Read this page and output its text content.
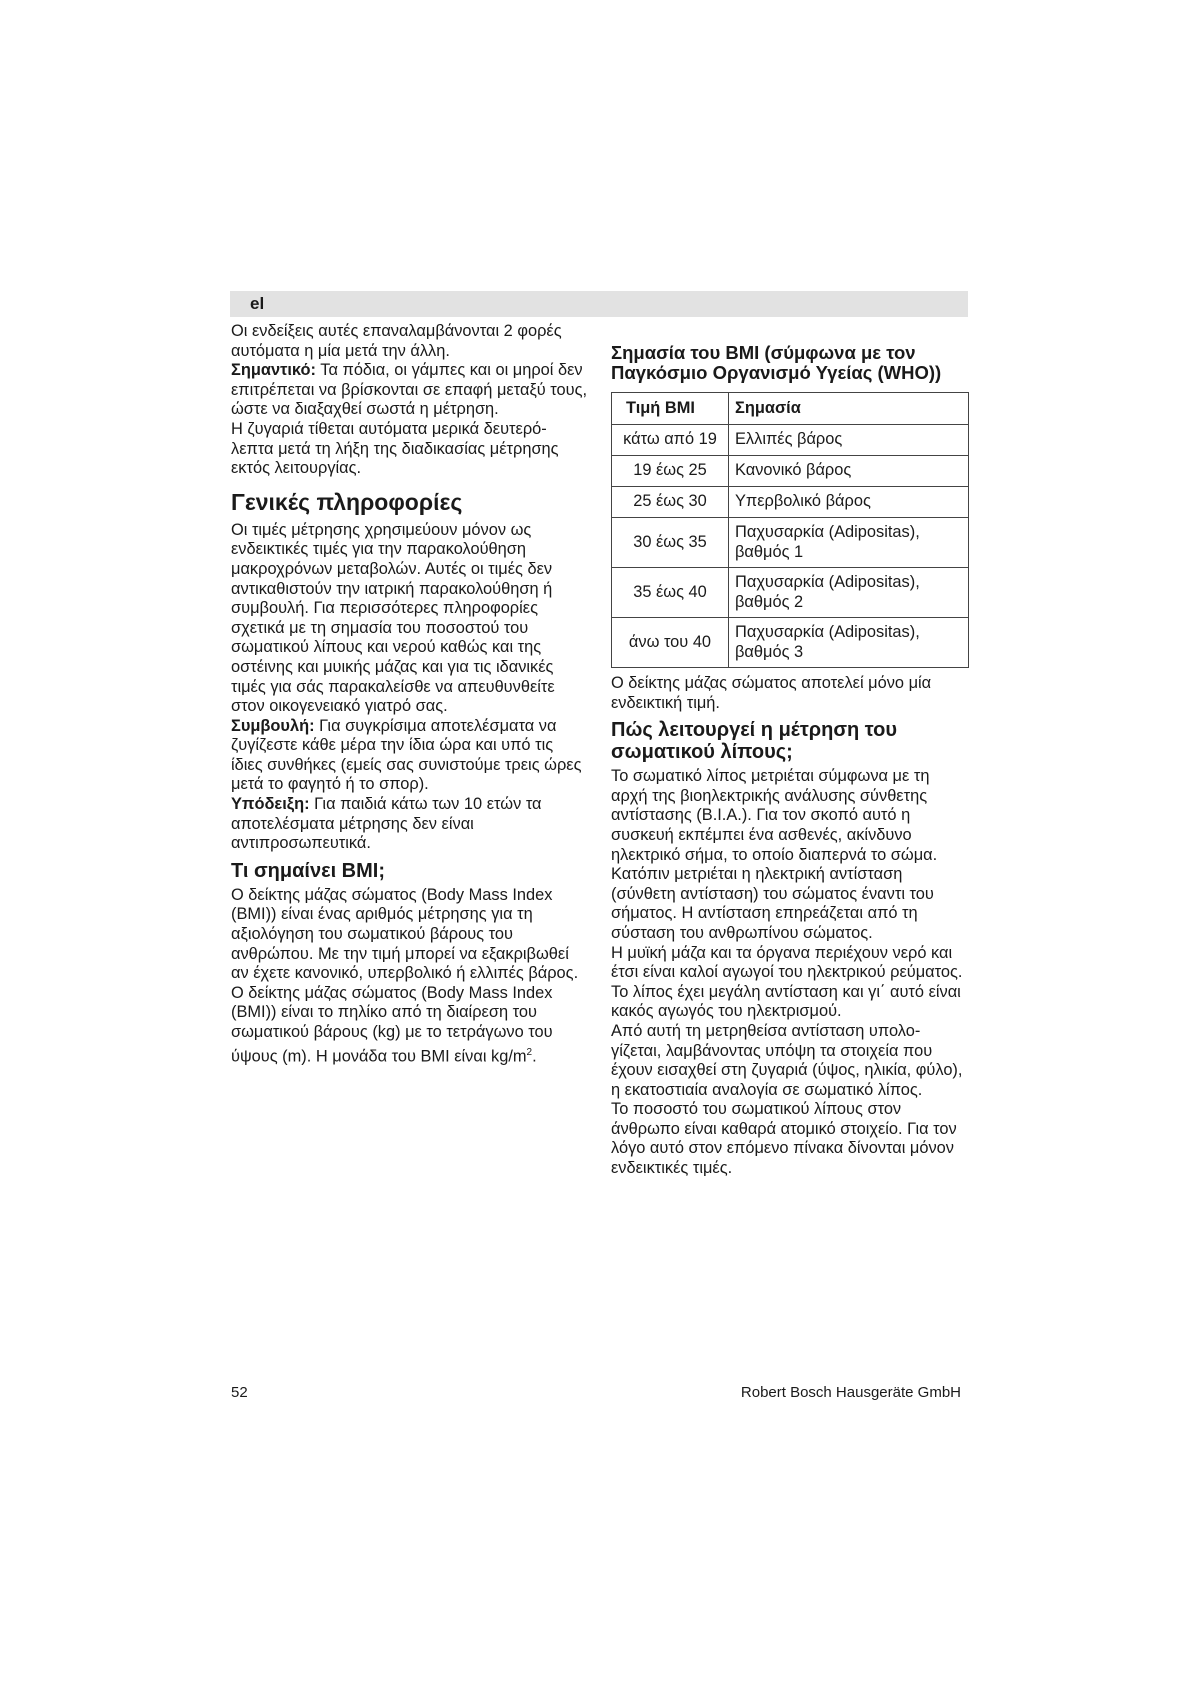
el

Οι ενδείξεις αυτές επαναλαμβάνονται 2 φορές αυτόματα η μία μετά την άλλη.

Σημαντικό: Τα πόδια, οι γάμπες και οι μηροί δεν επιτρέπεται να βρίσκονται σε επαφή μεταξύ τους, ώστε να διαξαχθεί σωστά η μέτρηση.

Η ζυγαριά τίθεται αυτόματα μερικά δευτερό-λεπτα μετά τη λήξη της διαδικασίας μέτρησης εκτός λειτουργίας.

Γενικές πληροφορίες

Οι τιμές μέτρησης χρησιμεύουν μόνον ως ενδεικτικές τιμές για την παρακολούθηση μακροχρόνων μεταβολών. Αυτές οι τιμές δεν αντικαθιστούν την ιατρική παρακολούθηση ή συμβουλή. Για περισσότερες πληροφορίες σχετικά με τη σημασία του ποσοστού του σωματικού λίπους και νερού καθώς και της οστέινης και μυικής μάζας και για τις ιδανικές τιμές για σάς παρακαλείσθε να απευθυνθείτε στον οικογενειακό γιατρό σας.

Συμβουλή: Για συγκρίσιμα αποτελέσματα να ζυγίζεστε κάθε μέρα την ίδια ώρα και υπό τις ίδιες συνθήκες (εμείς σας συνιστούμε τρεις ώρες μετά το φαγητό ή το σπορ).

Υπόδειξη: Για παιδιά κάτω των 10 ετών τα αποτελέσματα μέτρησης δεν είναι αντιπροσωπευτικά.

Τι σημαίνει BMI;

Ο δείκτης μάζας σώματος (Body Mass Index (BMI)) είναι ένας αριθμός μέτρησης για τη αξιολόγηση του σωματικού βάρους του ανθρώπου. Με την τιμή μπορεί να εξακριβωθεί αν έχετε κανονικό, υπερβολικό ή ελλιπές βάρος.

Ο δείκτης μάζας σώματος (Body Mass Index (BMI)) είναι το πηλίκο από τη διαίρεση του σωματικού βάρους (kg) με το τετράγωνο του ύψους (m). Η μονάδα του BMI είναι $kg/m^2$.

Σημασία του BMI (σύμφωνα με τον Παγκόσμιο Οργανισμό Υγείας (WHO))
Τιμή BMI	Σημασία
κάτω από 19	Ελλιπές βάρος
19 έως 25	Κανονικό βάρος
25 έως 30	Υπερβολικό βάρος
30 έως 35	Παχυσαρκία (Adipositas), βαθμός 1
35 έως 40	Παχυσαρκία (Adipositas), βαθμός 2
άνω του 40	Παχυσαρκία (Adipositas), βαθμός 3

Ο δείκτης μάζας σώματος αποτελεί μόνο μία ενδεικτική τιμή.

Πώς λειτουργεί η μέτρηση του σωματικού λίπους;

Το σωματικό λίπος μετριέται σύμφωνα με τη αρχή της βιοηλεκτρικής ανάλυσης σύνθετης αντίστασης (B.I.A.). Για τον σκοπό αυτό η συσκευή εκπέμπει ένα ασθενές, ακίνδυνο ηλεκτρικό σήμα, το οποίο διαπερνά το σώμα.

Κατόπιν μετριέται η ηλεκτρική αντίσταση (σύνθετη αντίσταση) του σώματος έναντι του σήματος. Η αντίσταση επηρεάζεται από τη σύσταση του ανθρωπίνου σώματος.

Η μυϊκή μάζα και τα όργανα περιέχουν νερό και έτσι είναι καλοί αγωγοί του ηλεκτρικού ρεύματος. Το λίπος έχει μεγάλη αντίσταση και γι΄ αυτό είναι κακός αγωγός του ηλεκτρισμού.

Από αυτή τη μετρηθείσα αντίσταση υπολο-γίζεται, λαμβάνοντας υπόψη τα στοιχεία που έχουν εισαχθεί στη ζυγαριά (ύψος, ηλικία, φύλο), η εκατοστιαία αναλογία σε σωματικό λίπος.

Το ποσοστό του σωματικού λίπους στον άνθρωπο είναι καθαρά ατομικό στοιχείο. Για τον λόγο αυτό στον επόμενο πίνακα δίνονται μόνον ενδεικτικές τιμές.

52	Robert Bosch Hausgeräte GmbH
